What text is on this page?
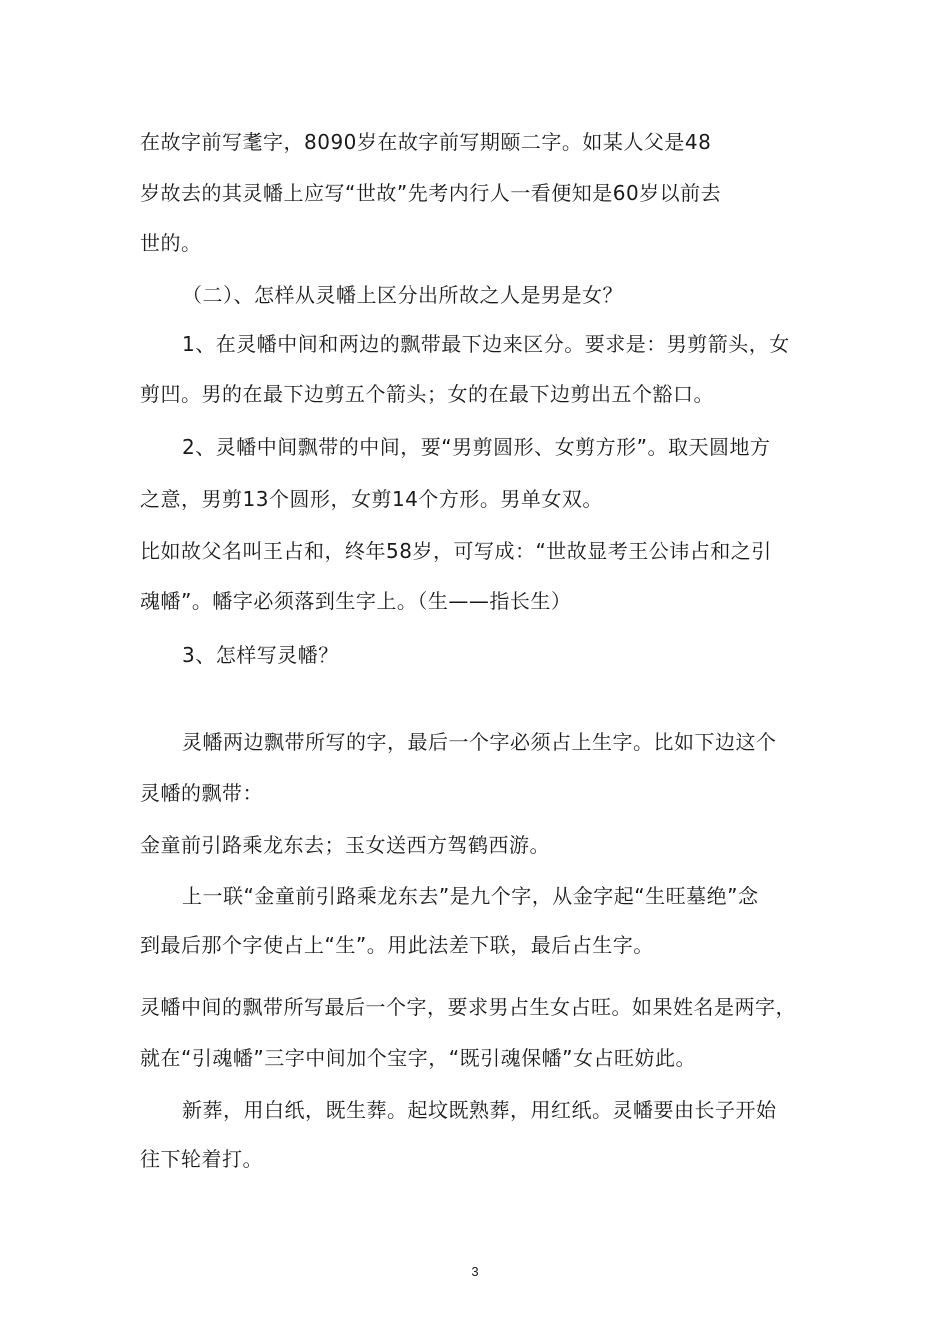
在故字前写耄字，8090岁在故字前写期颐二字。如某人父是48
岁故去的其灵幡上应写“世故”先考内行人一看便知是60岁以前去
世的。
（二）、怎样从灵幡上区分出所故之人是男是女？
1、在灵幡中间和两边的飘带最下边来区分。要求是：男剪箭头，女
剪凹。男的在最下边剪五个箭头；女的在最下边剪出五个豁口。
2、灵幡中间飘带的中间，要“男剪圆形、女剪方形”。取天圆地方
之意，男剪13个圆形，女剪14个方形。男单女双。
比如故父名叫王占和，终年58岁，可写成：“世故显考王公讳占和之引
魂幡”。幡字必须落到生字上。（生——指长生）
3、怎样写灵幡？
灵幡两边飘带所写的字，最后一个字必须占上生字。比如下边这个
灵幡的飘带：
金童前引路乘龙东去；玉女送西方驾鹤西游。
上一联“金童前引路乘龙东去”是九个字，从金字起“生旺墓绝”念
到最后那个字使占上“生”。用此法差下联，最后占生字。
灵幡中间的飘带所写最后一个字，要求男占生女占旺。如果姓名是两字，
就在“引魂幡”三字中间加个宝字，“既引魂保幡”女占旺妨此。
新葬，用白纸，既生葬。起坟既熟葬，用红纸。灵幡要由长子开始
往下轮着打。
3
